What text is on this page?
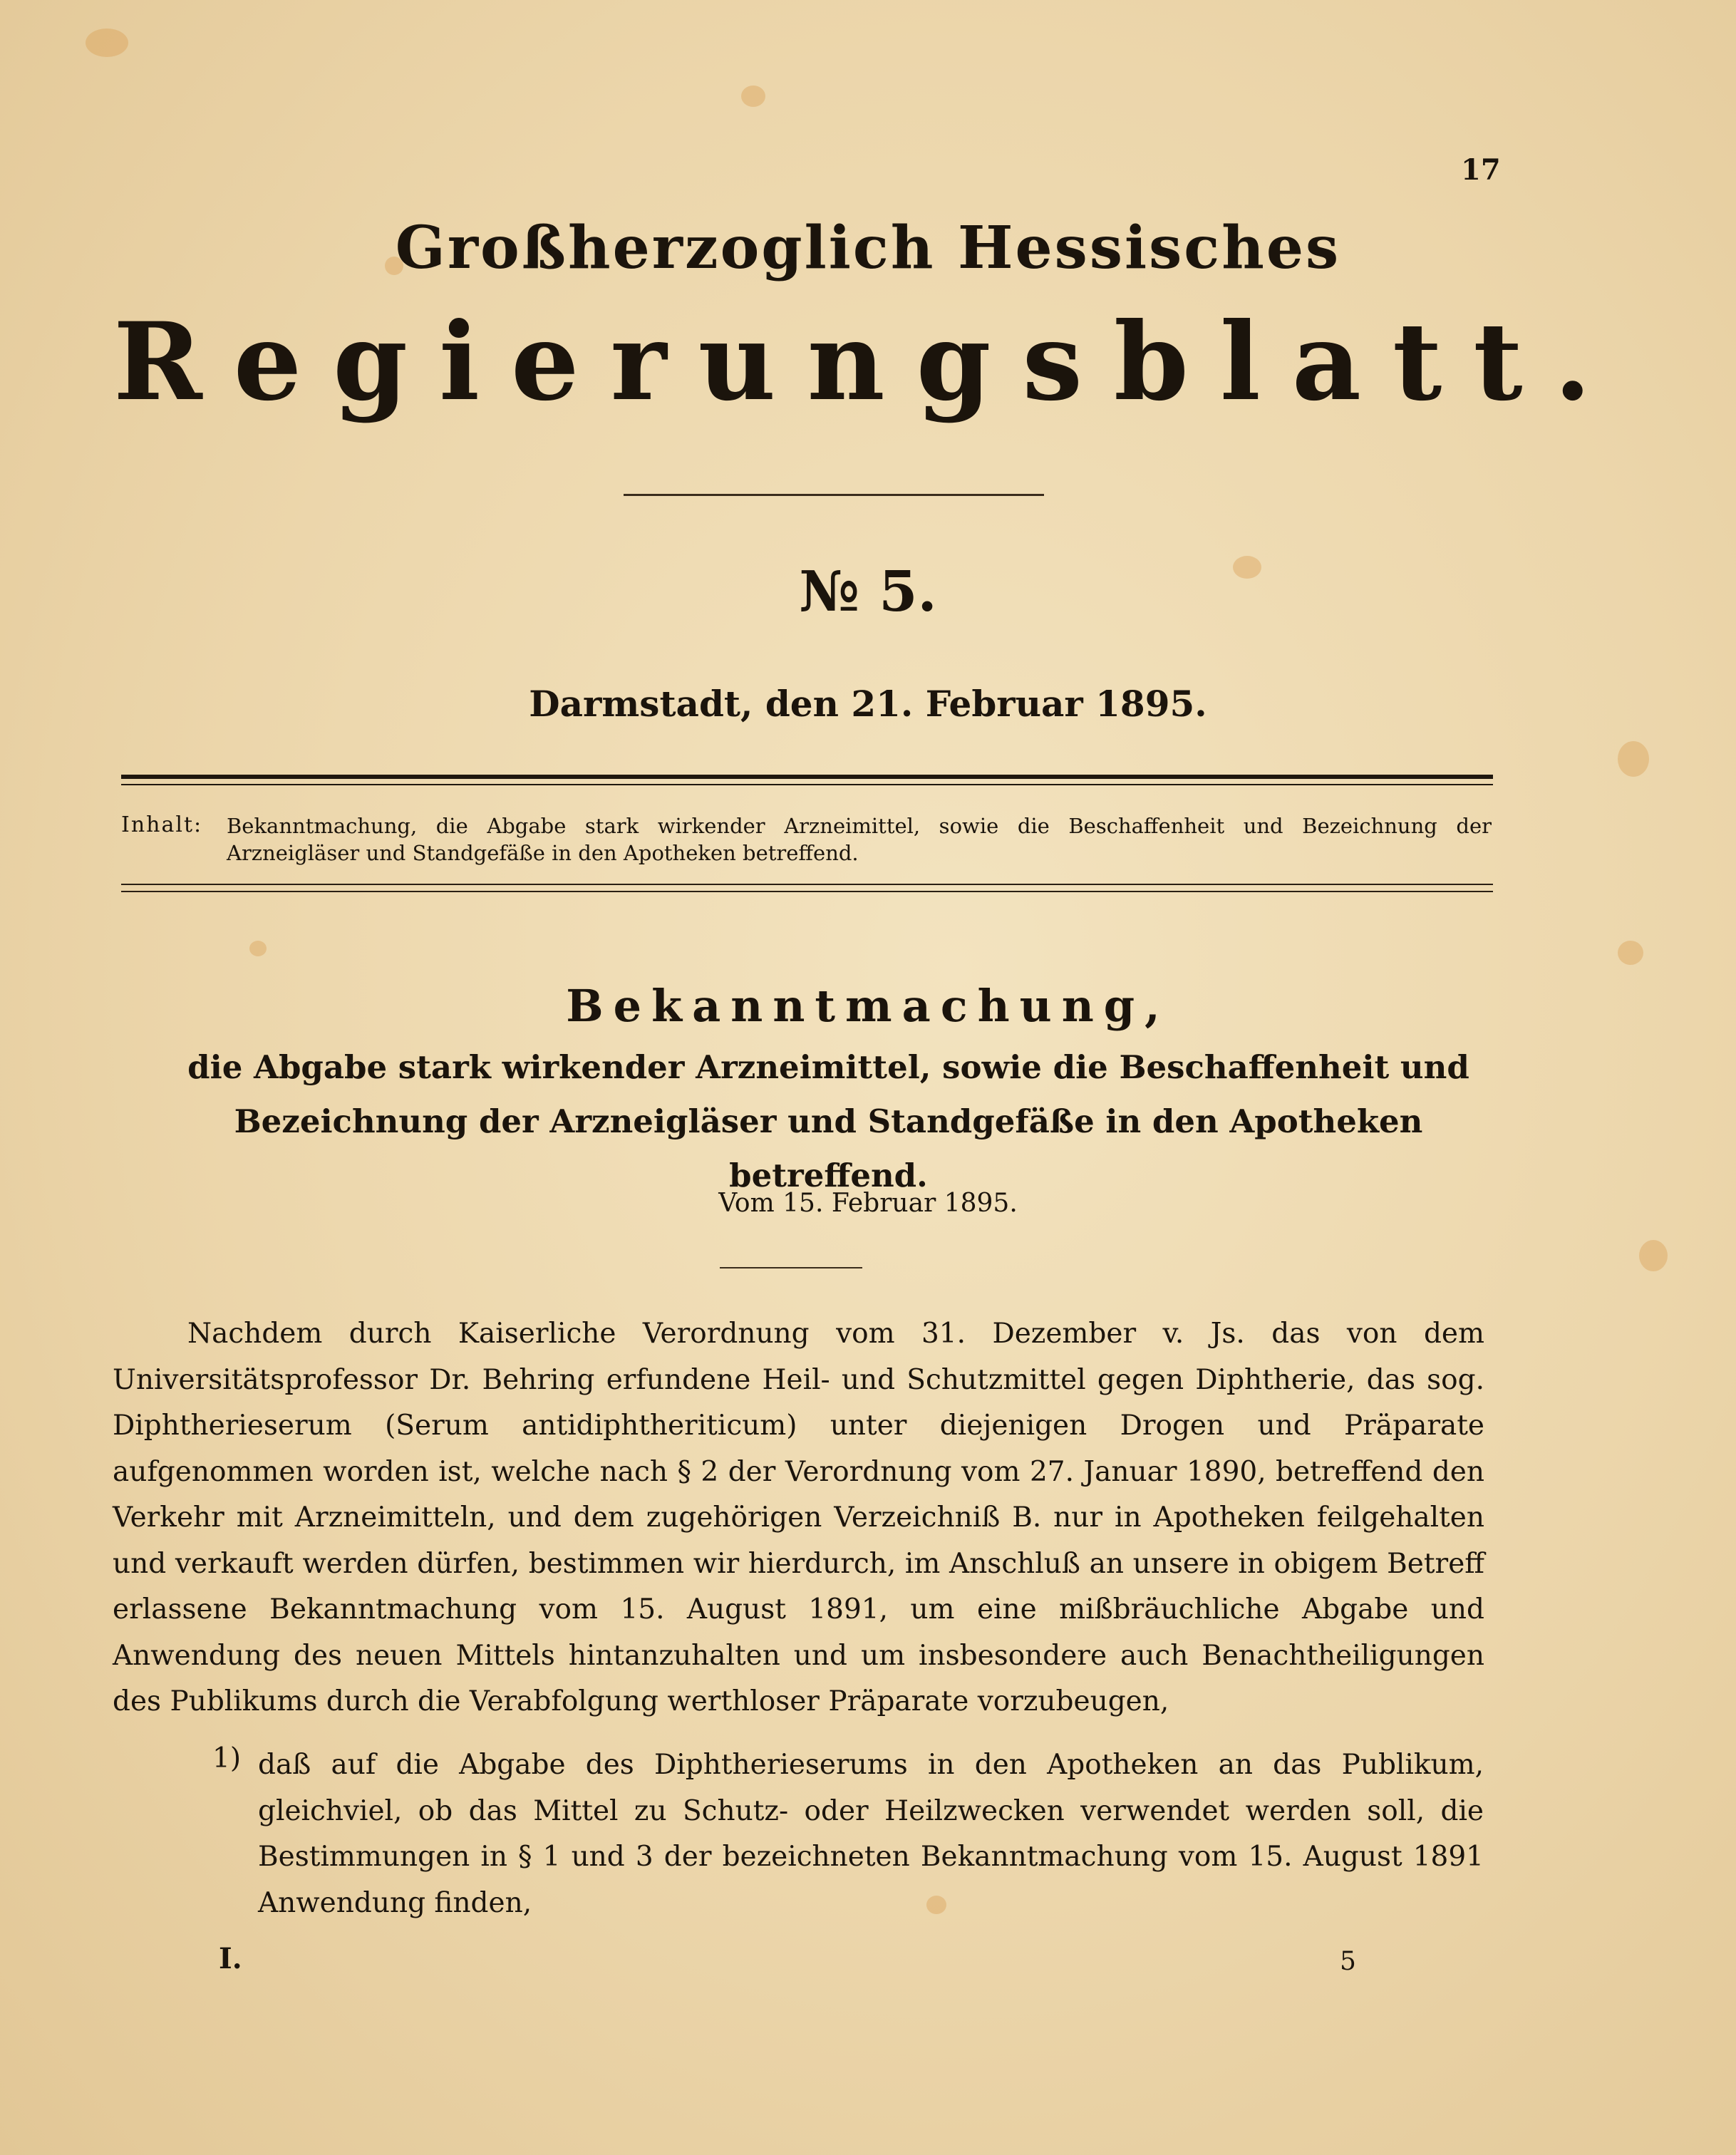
17
Großherzoglich Hessisches
Regierungsblatt.
№ 5.
Darmstadt, den 21. Februar 1895.
Inhalt: Bekanntmachung, die Abgabe stark wirkender Arzneimittel, sowie die Beschaffenheit und Bezeichnung der Arzneigläser und Standgefäße in den Apotheken betreffend.
Bekanntmachung,
die Abgabe stark wirkender Arzneimittel, sowie die Beschaffenheit und Bezeichnung der Arzneigläser und Standgefäße in den Apotheken betreffend.
Vom 15. Februar 1895.
Nachdem durch Kaiserliche Verordnung vom 31. Dezember v. Js. das von dem Universitätsprofessor Dr. Behring erfundene Heil- und Schutzmittel gegen Diphtherie, das sog. Diphtherieserum (Serum antidiphtheriticum) unter diejenigen Drogen und Präparate aufgenommen worden ist, welche nach § 2 der Verordnung vom 27. Januar 1890, betreffend den Verkehr mit Arzneimitteln, und dem zugehörigen Verzeichniß B. nur in Apotheken feilgehalten und verkauft werden dürfen, bestimmen wir hierdurch, im Anschluß an unsere in obigem Betreff erlassene Bekanntmachung vom 15. August 1891, um eine mißbräuchliche Abgabe und Anwendung des neuen Mittels hintanzuhalten und um insbesondere auch Benachtheiligungen des Publikums durch die Verabfolgung werthloser Präparate vorzubeugen,
1) daß auf die Abgabe des Diphtherieserums in den Apotheken an das Publikum, gleichviel, ob das Mittel zu Schutz- oder Heilzwecken verwendet werden soll, die Bestimmungen in § 1 und 3 der bezeichneten Bekanntmachung vom 15. August 1891 Anwendung finden,
I.	5
